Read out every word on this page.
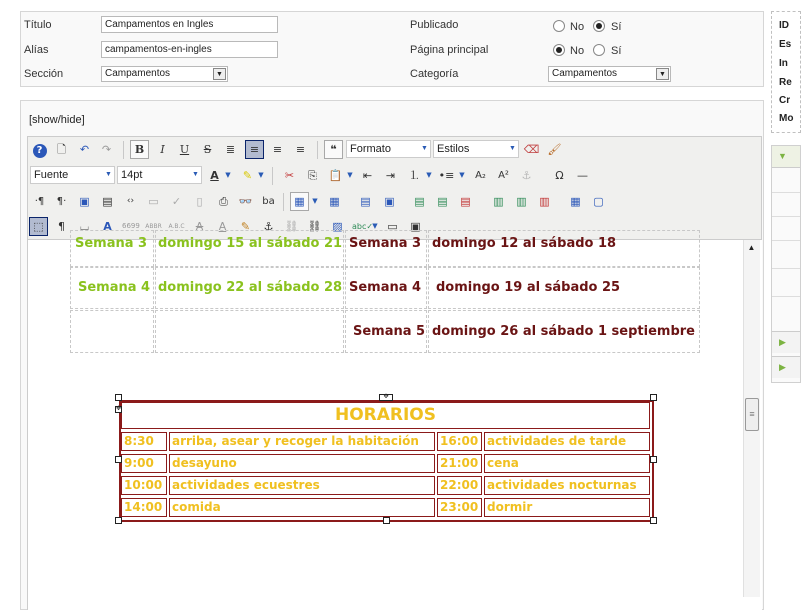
Título
Campamentos en Ingles
Alías
campamentos-en-ingles
Sección	Campamentos	▼
Publicado	No Sí
Página principal	No Sí
Categoría	Campamentos	▼
ID
Es
In
Re
Cr
Mo
▼
▶
▶
[show/hide]
?	🗋	↶	↷	B	I	U	S	≣	≡	≡	≡	❝	Formato	▼ Estilos	▼ ⌫ 🖌
Fuente	▼ 14pt	▼	A ▼	✎ ▼	✂	⎘	📋 ▼ ⇤	⇥	⒈ ▼ •≡ ▼	A₂	A²	⚓	Ω	—
·¶	¶·	▣	▤	‹›	▭	✓	▯	⎙ 👓 ba	▦	▼	▦	▤	▣	▤	▤	▤	▥	▥	▥	▦	▢
⬚	¶	⌴	A	6699 ABBR A.B.C	A	A	✎	⚓	⛓ ⛓ ▨	abc✓ ▼ ▭	▣
Semana 3 domingo 15 al sábado 21 Semana 3 domingo 12 al sábado 18
Semana 4 domingo 22 al sábado 28 Semana 4	domingo 19 al sábado 25
Semana 5 domingo 26 al sábado 1 septiembre
HORARIOS
8:30	arriba, asear y recoger la habitación	16:00 actividades de tarde
9:00	desayuno	21:00 cena
10:00 actividades ecuestres	22:00 actividades nocturnas
14:00 comida	23:00 dormir
✥
✥
▲
≡
